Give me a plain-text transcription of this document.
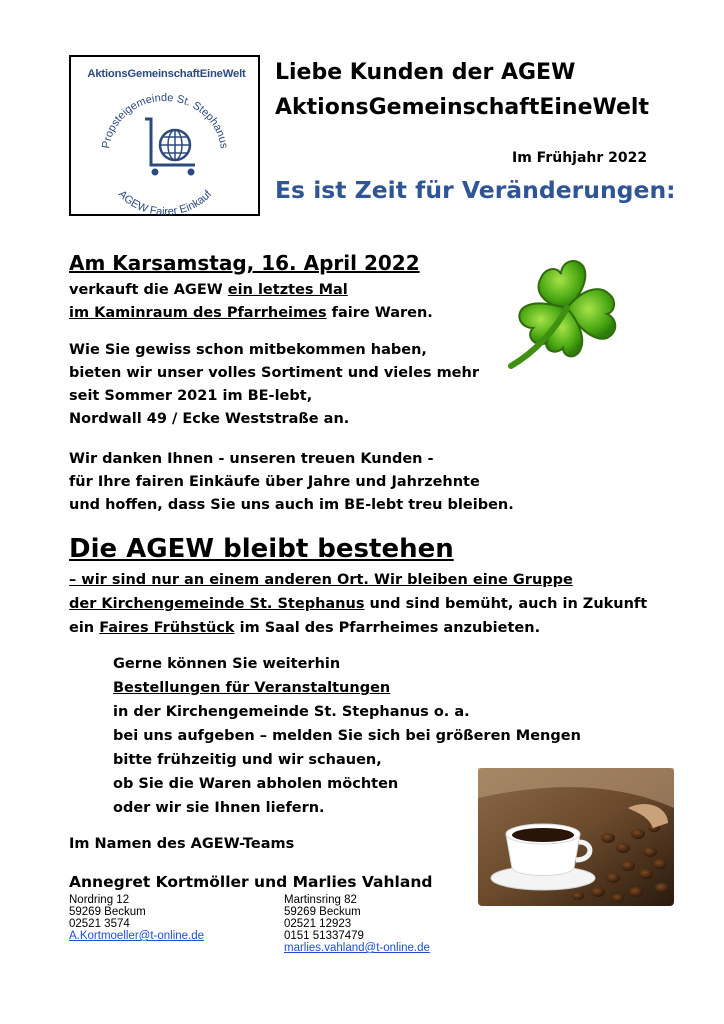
AktionsGemeinschaftEineWelt
Propsteigemeinde St. Stephanus
AGEW Fairer Einkauf
Liebe Kunden der AGEW
AktionsGemeinschaftEineWelt
Im Frühjahr 2022
Es ist Zeit für Veränderungen:
Am Karsamstag, 16. April 2022
verkauft die AGEW ein letztes Mal
im Kaminraum des Pfarrheimes faire Waren.
Wie Sie gewiss schon mitbekommen haben,
bieten wir unser volles Sortiment und vieles mehr
seit Sommer 2021 im BE-lebt,
Nordwall 49 / Ecke Weststraße an.
Wir danken Ihnen - unseren treuen Kunden -
für Ihre fairen Einkäufe über Jahre und Jahrzehnte
und hoffen, dass Sie uns auch im BE-lebt treu bleiben.
Die AGEW bleibt bestehen
– wir sind nur an einem anderen Ort. Wir bleiben eine Gruppe
der Kirchengemeinde St. Stephanus und sind bemüht, auch in Zukunft
ein Faires Frühstück im Saal des Pfarrheimes anzubieten.
Gerne können Sie weiterhin
Bestellungen für Veranstaltungen
in der Kirchengemeinde St. Stephanus o. a.
bei uns aufgeben – melden Sie sich bei größeren Mengen
bitte frühzeitig und wir schauen,
ob Sie die Waren abholen möchten
oder wir sie Ihnen liefern.
Im Namen des AGEW-Teams
Annegret Kortmöller und Marlies Vahland
Nordring 12
59269 Beckum
02521 3574
A.Kortmoeller@t-online.de
Martinsring 82
59269 Beckum
02521 12923
0151 51337479
marlies.vahland@t-online.de
